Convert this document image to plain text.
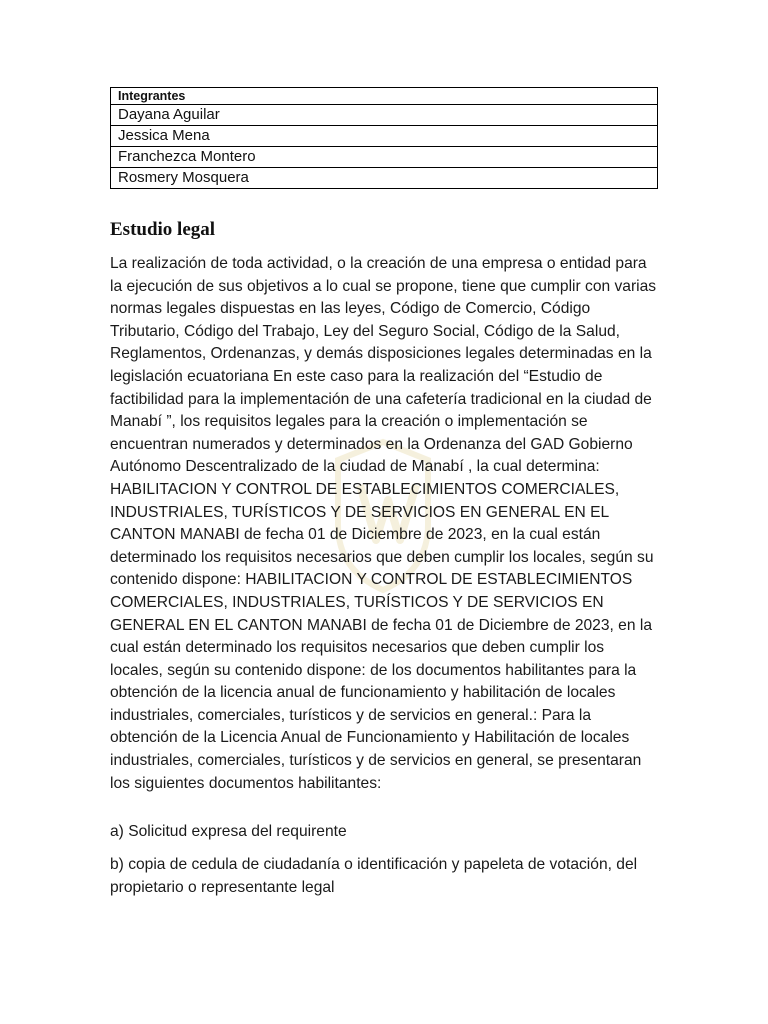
Integrantes
Dayana Aguilar
Jessica Mena
Franchezca Montero
Rosmery Mosquera
Estudio legal

La realización de toda actividad, o la creación de una empresa o entidad para la ejecución de sus objetivos a lo cual se propone, tiene que cumplir con varias normas legales dispuestas en las leyes, Código de Comercio, Código Tributario, Código del Trabajo, Ley del Seguro Social, Código de la Salud, Reglamentos, Ordenanzas, y demás disposiciones legales determinadas en la legislación ecuatoriana En este caso para la realización del “Estudio de factibilidad para la implementación de una cafetería tradicional en la ciudad de Manabí ”, los requisitos legales para la creación o implementación se encuentran numerados y determinados en la Ordenanza del GAD Gobierno Autónomo Descentralizado de la ciudad de Manabí , la cual determina: HABILITACION Y CONTROL DE ESTABLECIMIENTOS COMERCIALES, INDUSTRIALES, TURÍSTICOS Y DE SERVICIOS EN GENERAL EN EL CANTON MANABI de fecha 01 de Diciembre de 2023, en la cual están determinado los requisitos necesarios que deben cumplir los locales, según su contenido dispone: HABILITACION Y CONTROL DE ESTABLECIMIENTOS COMERCIALES, INDUSTRIALES, TURÍSTICOS Y DE SERVICIOS EN GENERAL EN EL CANTON MANABI de fecha 01 de Diciembre de 2023, en la cual están determinado los requisitos necesarios que deben cumplir los locales, según su contenido dispone: de los documentos habilitantes para la obtención de la licencia anual de funcionamiento y habilitación de locales industriales, comerciales, turísticos y de servicios en general.: Para la obtención de la Licencia Anual de Funcionamiento y Habilitación de locales industriales, comerciales, turísticos y de servicios en general, se presentaran los siguientes documentos habilitantes:

a) Solicitud expresa del requirente

b) copia de cedula de ciudadanía o identificación y papeleta de votación, del propietario o representante legal
